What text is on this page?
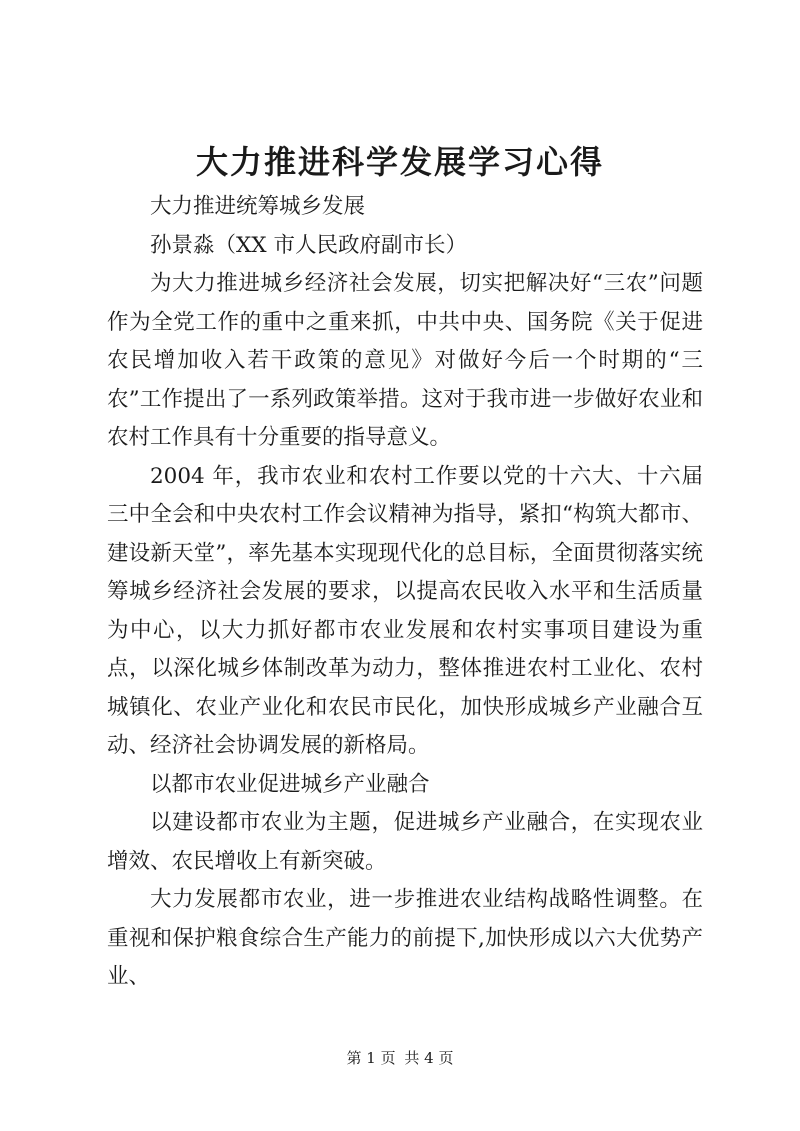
大力推进科学发展学习心得

大力推进统筹城乡发展

孙景淼（XX 市人民政府副市长）

为大力推进城乡经济社会发展，切实把解决好“三农”问题作为全党工作的重中之重来抓，中共中央、国务院《关于促进农民增加收入若干政策的意见》对做好今后一个时期的“三农”工作提出了一系列政策举措。这对于我市进一步做好农业和农村工作具有十分重要的指导意义。

2004 年，我市农业和农村工作要以党的十六大、十六届三中全会和中央农村工作会议精神为指导，紧扣“构筑大都市、建设新天堂”，率先基本实现现代化的总目标，全面贯彻落实统筹城乡经济社会发展的要求，以提高农民收入水平和生活质量为中心，以大力抓好都市农业发展和农村实事项目建设为重点，以深化城乡体制改革为动力，整体推进农村工业化、农村城镇化、农业产业化和农民市民化，加快形成城乡产业融合互动、经济社会协调发展的新格局。

以都市农业促进城乡产业融合

以建设都市农业为主题，促进城乡产业融合，在实现农业增效、农民增收上有新突破。

大力发展都市农业，进一步推进农业结构战略性调整。在重视和保护粮食综合生产能力的前提下,加快形成以六大优势产业、

第 1 页 共 4 页
